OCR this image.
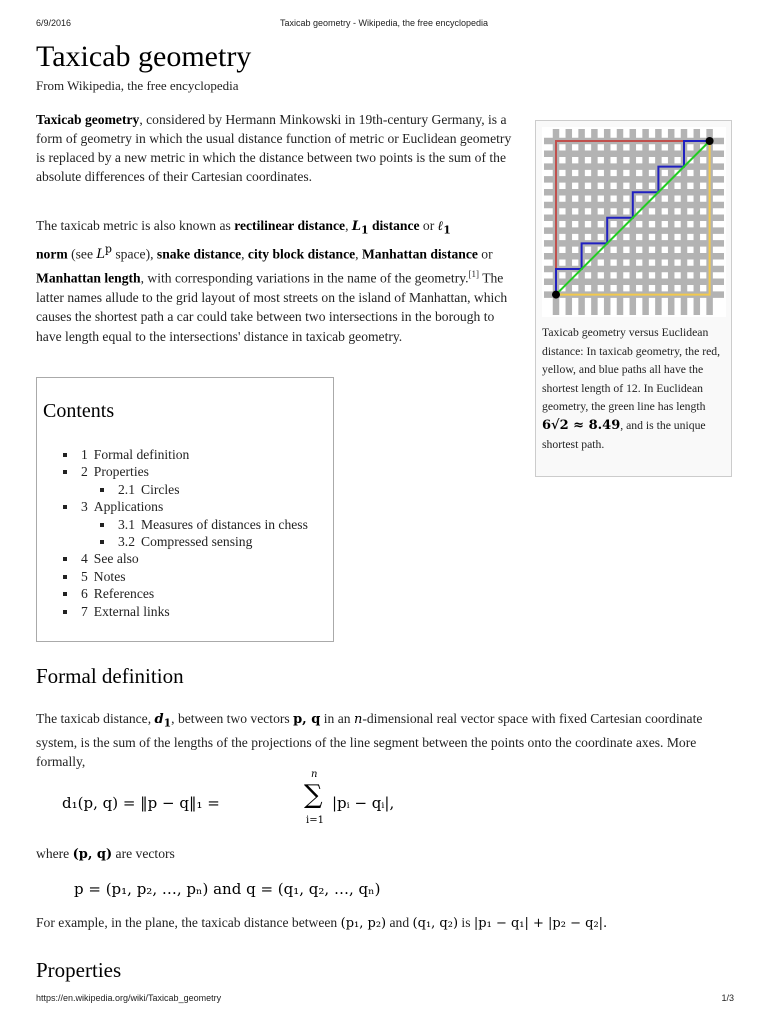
6/9/2016	Taxicab geometry - Wikipedia, the free encyclopedia
Taxicab geometry
From Wikipedia, the free encyclopedia

Taxicab geometry, considered by Hermann Minkowski in 19th-century Germany, is a form of geometry in which the usual distance function of metric or Euclidean geometry is replaced by a new metric in which the distance between two points is the sum of the absolute differences of their Cartesian coordinates.

The taxicab metric is also known as rectilinear distance, $L_1$ distance or ℓ$_1$
norm (see $L^p$ space), snake distance, city block distance, Manhattan distance or Manhattan length, with corresponding variations in the name of the geometry.[1] The latter names allude to the grid layout of most streets on the island of Manhattan, which causes the shortest path a car could take between two intersections in the borough to have length equal to the intersections' distance in taxicab geometry.

Contents
1 Formal definition
2 Properties
2.1 Circles
3 Applications
3.1 Measures of distances in chess
3.2 Compressed sensing
4 See also
5 Notes
6 References
7 External links
Taxicab geometry versus Euclidean distance: In taxicab geometry, the red, yellow, and blue paths all have the shortest length of 12. In Euclidean geometry, the green line has length 6√2 ≈ 8.49, and is the unique shortest path.
Formal definition

The taxicab distance, $d_1$, between two vectors p, q in an n-dimensional real vector space with fixed Cartesian coordinate system, is the sum of the lengths of the projections of the line segment between the points onto the coordinate axes. More formally,

d₁(p, q) = ‖p − q‖₁ =
n
∑
i=1
|pᵢ − qᵢ|,
where (p, q) are vectors
p = (p₁, p₂, …, pₙ) and q = (q₁, q₂, …, qₙ)
For example, in the plane, the taxicab distance between (p₁, p₂) and (q₁, q₂) is |p₁ − q₁| + |p₂ − q₂|.
Properties
https://en.wikipedia.org/wiki/Taxicab_geometry	1/3
